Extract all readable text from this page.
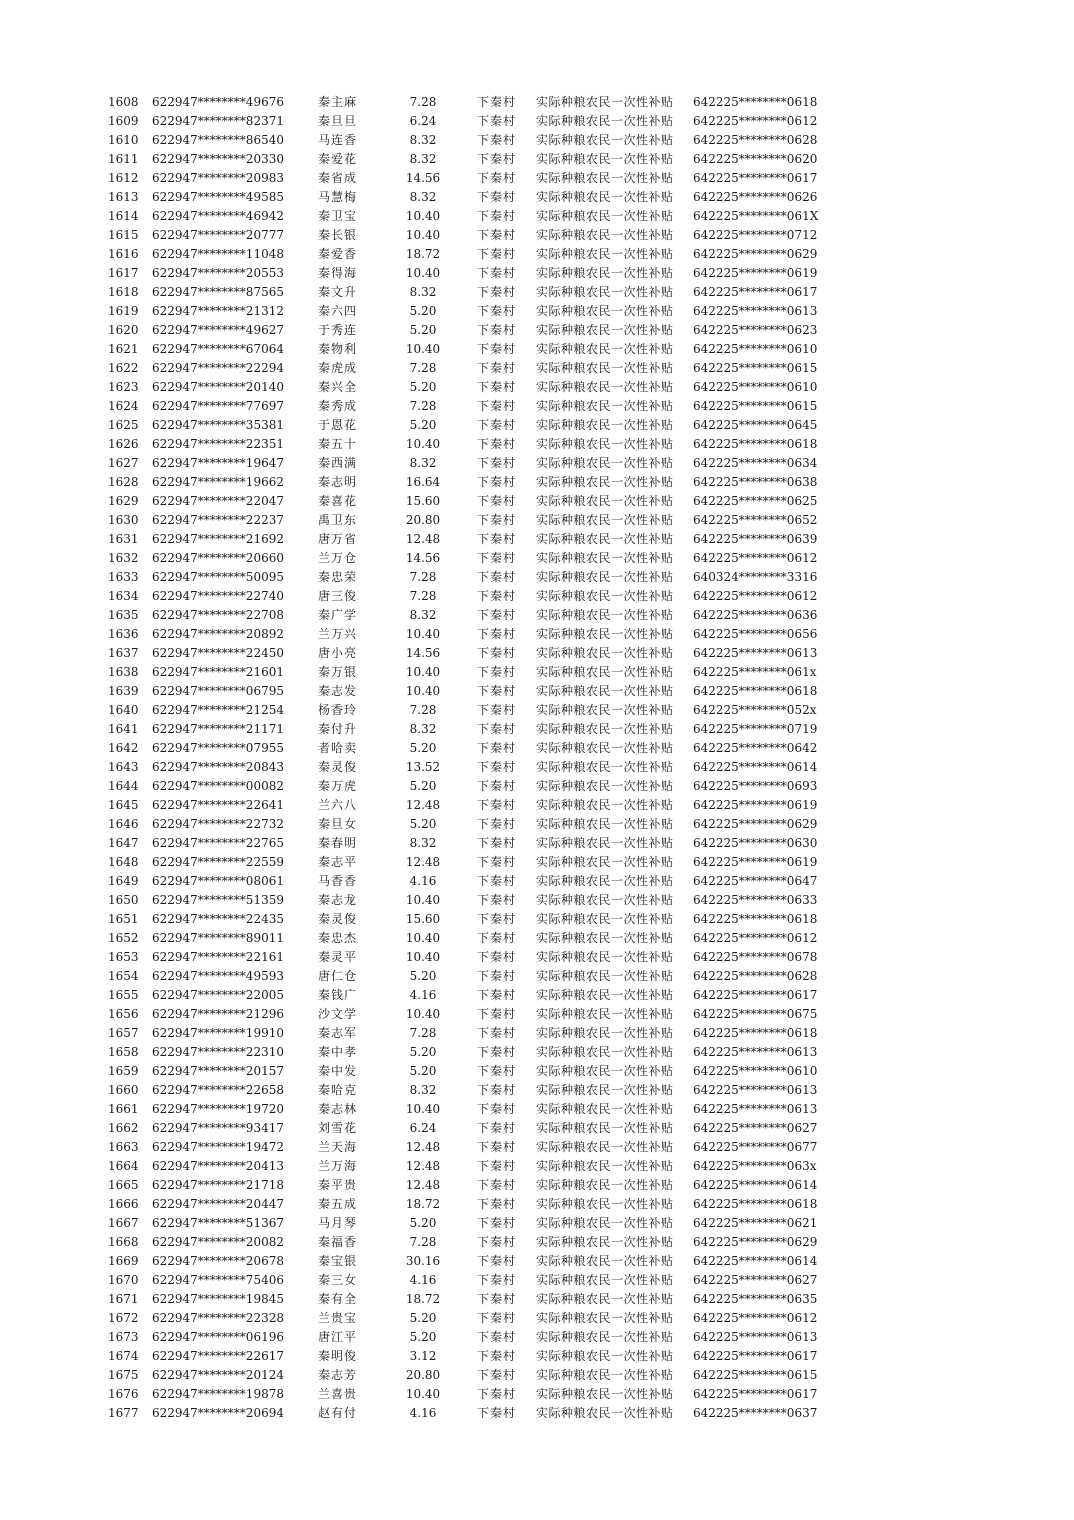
1608 622947********49676	秦主麻	7.28	下秦村 实际种粮农民一次性补贴 642225********0618
1609 622947********82371	秦旦旦	6.24	下秦村 实际种粮农民一次性补贴 642225********0612
1610 622947********86540	马连香	8.32	下秦村 实际种粮农民一次性补贴 642225********0628
1611 622947********20330	秦爱花	8.32	下秦村 实际种粮农民一次性补贴 642225********0620
1612 622947********20983	秦省成	14.56	下秦村 实际种粮农民一次性补贴 642225********0617
1613 622947********49585	马慧梅	8.32	下秦村 实际种粮农民一次性补贴 642225********0626
1614 622947********46942	秦卫宝	10.40	下秦村 实际种粮农民一次性补贴 642225********061X
1615 622947********20777	秦长银	10.40	下秦村 实际种粮农民一次性补贴 642225********0712
1616 622947********11048	秦爱香	18.72	下秦村 实际种粮农民一次性补贴 642225********0629
1617 622947********20553	秦得海	10.40	下秦村 实际种粮农民一次性补贴 642225********0619
1618 622947********87565	秦文升	8.32	下秦村 实际种粮农民一次性补贴 642225********0617
1619 622947********21312	秦六四	5.20	下秦村 实际种粮农民一次性补贴 642225********0613
1620 622947********49627	于秀连	5.20	下秦村 实际种粮农民一次性补贴 642225********0623
1621 622947********67064	秦物利	10.40	下秦村 实际种粮农民一次性补贴 642225********0610
1622 622947********22294	秦虎成	7.28	下秦村 实际种粮农民一次性补贴 642225********0615
1623 622947********20140	秦兴全	5.20	下秦村 实际种粮农民一次性补贴 642225********0610
1624 622947********77697	秦秀成	7.28	下秦村 实际种粮农民一次性补贴 642225********0615
1625 622947********35381	于恩花	5.20	下秦村 实际种粮农民一次性补贴 642225********0645
1626 622947********22351	秦五十	10.40	下秦村 实际种粮农民一次性补贴 642225********0618
1627 622947********19647	秦西满	8.32	下秦村 实际种粮农民一次性补贴 642225********0634
1628 622947********19662	秦志明	16.64	下秦村 实际种粮农民一次性补贴 642225********0638
1629 622947********22047	秦喜花	15.60	下秦村 实际种粮农民一次性补贴 642225********0625
1630 622947********22237	禹卫东	20.80	下秦村 实际种粮农民一次性补贴 642225********0652
1631 622947********21692	唐万省	12.48	下秦村 实际种粮农民一次性补贴 642225********0639
1632 622947********20660	兰万仓	14.56	下秦村 实际种粮农民一次性补贴 642225********0612
1633 622947********50095	秦忠荣	7.28	下秦村 实际种粮农民一次性补贴 640324********3316
1634 622947********22740	唐三俊	7.28	下秦村 实际种粮农民一次性补贴 642225********0612
1635 622947********22708	秦广学	8.32	下秦村 实际种粮农民一次性补贴 642225********0636
1636 622947********20892	兰万兴	10.40	下秦村 实际种粮农民一次性补贴 642225********0656
1637 622947********22450	唐小亮	14.56	下秦村 实际种粮农民一次性补贴 642225********0613
1638 622947********21601	秦万银	10.40	下秦村 实际种粮农民一次性补贴 642225********061x
1639 622947********06795	秦志发	10.40	下秦村 实际种粮农民一次性补贴 642225********0618
1640 622947********21254	杨香玲	7.28	下秦村 实际种粮农民一次性补贴 642225********052x
1641 622947********21171	秦付升	8.32	下秦村 实际种粮农民一次性补贴 642225********0719
1642 622947********07955	者哈卖	5.20	下秦村 实际种粮农民一次性补贴 642225********0642
1643 622947********20843	秦灵俊	13.52	下秦村 实际种粮农民一次性补贴 642225********0614
1644 622947********00082	秦万虎	5.20	下秦村 实际种粮农民一次性补贴 642225********0693
1645 622947********22641	兰六八	12.48	下秦村 实际种粮农民一次性补贴 642225********0619
1646 622947********22732	秦旦女	5.20	下秦村 实际种粮农民一次性补贴 642225********0629
1647 622947********22765	秦春明	8.32	下秦村 实际种粮农民一次性补贴 642225********0630
1648 622947********22559	秦志平	12.48	下秦村 实际种粮农民一次性补贴 642225********0619
1649 622947********08061	马香香	4.16	下秦村 实际种粮农民一次性补贴 642225********0647
1650 622947********51359	秦志龙	10.40	下秦村 实际种粮农民一次性补贴 642225********0633
1651 622947********22435	秦灵俊	15.60	下秦村 实际种粮农民一次性补贴 642225********0618
1652 622947********89011	秦忠杰	10.40	下秦村 实际种粮农民一次性补贴 642225********0612
1653 622947********22161	秦灵平	10.40	下秦村 实际种粮农民一次性补贴 642225********0678
1654 622947********49593	唐仁仓	5.20	下秦村 实际种粮农民一次性补贴 642225********0628
1655 622947********22005	秦钱广	4.16	下秦村 实际种粮农民一次性补贴 642225********0617
1656 622947********21296	沙文学	10.40	下秦村 实际种粮农民一次性补贴 642225********0675
1657 622947********19910	秦志军	7.28	下秦村 实际种粮农民一次性补贴 642225********0618
1658 622947********22310	秦中孝	5.20	下秦村 实际种粮农民一次性补贴 642225********0613
1659 622947********20157	秦中发	5.20	下秦村 实际种粮农民一次性补贴 642225********0610
1660 622947********22658	秦哈克	8.32	下秦村 实际种粮农民一次性补贴 642225********0613
1661 622947********19720	秦志林	10.40	下秦村 实际种粮农民一次性补贴 642225********0613
1662 622947********93417	刘雪花	6.24	下秦村 实际种粮农民一次性补贴 642225********0627
1663 622947********19472	兰天海	12.48	下秦村 实际种粮农民一次性补贴 642225********0677
1664 622947********20413	兰万海	12.48	下秦村 实际种粮农民一次性补贴 642225********063x
1665 622947********21718	秦平贵	12.48	下秦村 实际种粮农民一次性补贴 642225********0614
1666 622947********20447	秦五成	18.72	下秦村 实际种粮农民一次性补贴 642225********0618
1667 622947********51367	马月琴	5.20	下秦村 实际种粮农民一次性补贴 642225********0621
1668 622947********20082	秦福香	7.28	下秦村 实际种粮农民一次性补贴 642225********0629
1669 622947********20678	秦宝银	30.16	下秦村 实际种粮农民一次性补贴 642225********0614
1670 622947********75406	秦三女	4.16	下秦村 实际种粮农民一次性补贴 642225********0627
1671 622947********19845	秦有全	18.72	下秦村 实际种粮农民一次性补贴 642225********0635
1672 622947********22328	兰贵宝	5.20	下秦村 实际种粮农民一次性补贴 642225********0612
1673 622947********06196	唐江平	5.20	下秦村 实际种粮农民一次性补贴 642225********0613
1674 622947********22617	秦明俊	3.12	下秦村 实际种粮农民一次性补贴 642225********0617
1675 622947********20124	秦志芳	20.80	下秦村 实际种粮农民一次性补贴 642225********0615
1676 622947********19878	兰喜贵	10.40	下秦村 实际种粮农民一次性补贴 642225********0617
1677 622947********20694	赵有付	4.16	下秦村 实际种粮农民一次性补贴 642225********0637
